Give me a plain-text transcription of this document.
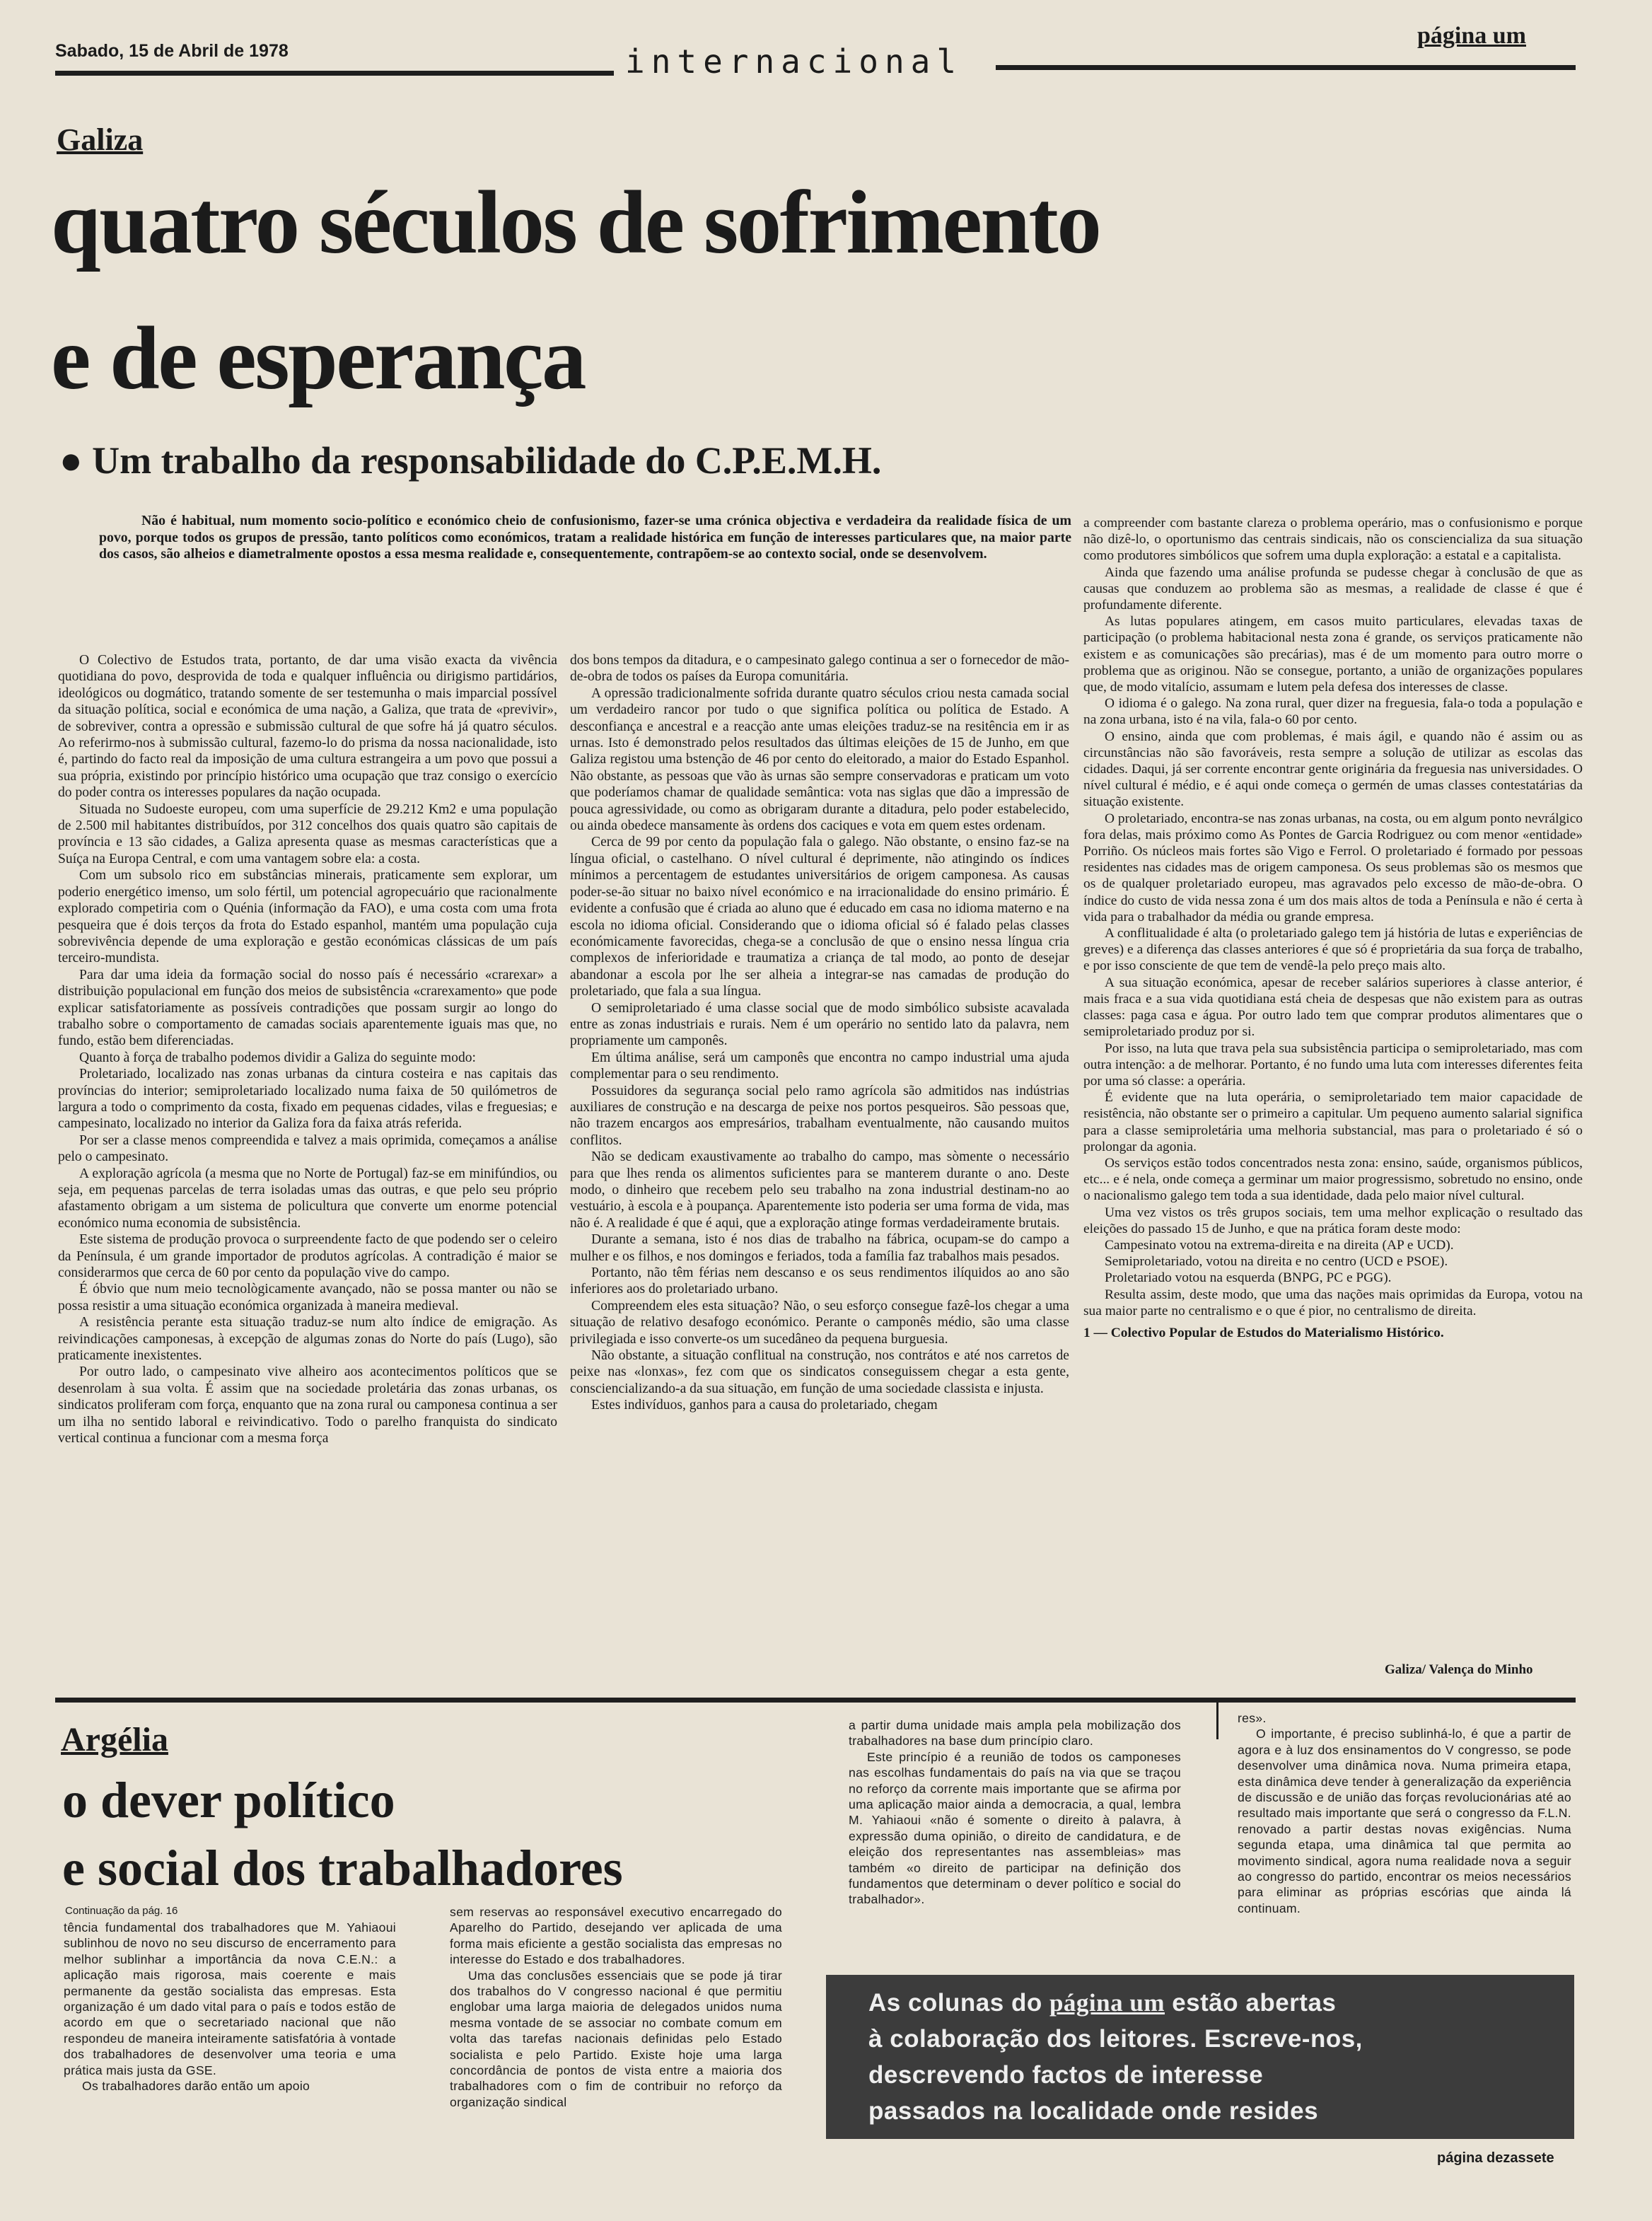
Sabado, 15 de Abril de 1978	internacional
página um
Galiza
quatro séculos de sofrimento
e de esperança
● Um trabalho da responsabilidade do C.P.E.M.H.
Não é habitual, num momento socio-político e económico cheio de confusionismo, fazer-se uma crónica objectiva e verdadeira da realidade física de um povo, porque todos os grupos de pressão, tanto políticos como económicos, tratam a realidade histórica em função de interesses particulares que, na maior parte dos casos, são alheios e diametralmente opostos a essa mesma realidade e, consequentemente, contrapõem-se ao contexto social, onde se desenvolvem.

O Colectivo de Estudos trata, portanto, de dar uma visão exacta da vivência quotidiana do povo, desprovida de toda e qualquer influência ou dirigismo partidários, ideológicos ou dogmático, tratando somente de ser testemunha o mais imparcial possível da situação política, social e económica de uma nação, a Galiza, que trata de «previvir», de sobreviver, contra a opressão e submissão cultural de que sofre há já quatro séculos. Ao referirmo-nos à submissão cultural, fazemo-lo do prisma da nossa nacionalidade, isto é, partindo do facto real da imposição de uma cultura estrangeira a um povo que possui a sua própria, existindo por princípio histórico uma ocupação que traz consigo o exercício do poder contra os interesses populares da nação ocupada.

Situada no Sudoeste europeu, com uma superfície de 29.212 Km2 e uma população de 2.500 mil habitantes distribuídos, por 312 concelhos dos quais quatro são capitais de província e 13 são cidades, a Galiza apresenta quase as mesmas características que a Suíça na Europa Central, e com uma vantagem sobre ela: a costa.

Com um subsolo rico em substâncias minerais, praticamente sem explorar, um poderio energético imenso, um solo fértil, um potencial agropecuário que racionalmente explorado competiria com o Quénia (informação da FAO), e uma costa com uma frota pesqueira que é dois terços da frota do Estado espanhol, mantém uma população cuja sobrevivência depende de uma exploração e gestão económicas clássicas de um país terceiro-mundista.

Para dar uma ideia da formação social do nosso país é necessário «crarexar» a distribuição populacional em função dos meios de subsistência «crarexamento» que pode explicar satisfatoriamente as possíveis contradições que possam surgir ao longo do trabalho sobre o comportamento de camadas sociais aparentemente iguais mas que, no fundo, estão bem diferenciadas.

Quanto à força de trabalho podemos dividir a Galiza do seguinte modo:

Proletariado, localizado nas zonas urbanas da cintura costeira e nas capitais das províncias do interior; semiproletariado localizado numa faixa de 50 quilómetros de largura a todo o comprimento da costa, fixado em pequenas cidades, vilas e freguesias; e campesinato, localizado no interior da Galiza fora da faixa atrás referida.

Por ser a classe menos compreendida e talvez a mais oprimida, começamos a análise pelo o campesinato.

A exploração agrícola (a mesma que no Norte de Portugal) faz-se em minifúndios, ou seja, em pequenas parcelas de terra isoladas umas das outras, e que pelo seu próprio afastamento obrigam a um sistema de policultura que converte um enorme potencial económico numa economia de subsistência.

Este sistema de produção provoca o surpreendente facto de que podendo ser o celeiro da Península, é um grande importador de produtos agrícolas. A contradição é maior se considerarmos que cerca de 60 por cento da população vive do campo.

É óbvio que num meio tecnològicamente avançado, não se possa manter ou não se possa resistir a uma situação económica organizada à maneira medieval.

A resistência perante esta situação traduz-se num alto índice de emigração. As reivindicações camponesas, à excepção de algumas zonas do Norte do país (Lugo), são praticamente inexistentes.

Por outro lado, o campesinato vive alheiro aos acontecimentos políticos que se desenrolam à sua volta. É assim que na sociedade proletária das zonas urbanas, os sindicatos proliferam com força, enquanto que na zona rural ou camponesa continua a ser um ilha no sentido laboral e reivindicativo. Todo o parelho franquista do sindicato vertical continua a funcionar com a mesma força

dos bons tempos da ditadura, e o campesinato galego continua a ser o fornecedor de mão-de-obra de todos os países da Europa comunitária.

A opressão tradicionalmente sofrida durante quatro séculos criou nesta camada social um verdadeiro rancor por tudo o que significa política ou política de Estado. A desconfiança e ancestral e a reacção ante umas eleições traduz-se na resitência em ir as urnas. Isto é demonstrado pelos resultados das últimas eleições de 15 de Junho, em que Galiza registou uma bstenção de 46 por cento do eleitorado, a maior do Estado Espanhol. Não obstante, as pessoas que vão às urnas são sempre conservadoras e praticam um voto que poderíamos chamar de qualidade semântica: vota nas siglas que dão a impressão de pouca agressividade, ou como as obrigaram durante a ditadura, pelo poder estabelecido, ou ainda obedece mansamente às ordens dos caciques e vota em quem estes ordenam.

Cerca de 99 por cento da população fala o galego. Não obstante, o ensino faz-se na língua oficial, o castelhano. O nível cultural é deprimente, não atingindo os índices mínimos a percentagem de estudantes universitários de origem camponesa. As causas poder-se-ão situar no baixo nível económico e na irracionalidade do ensino primário. É evidente a confusão que é criada ao aluno que é educado em casa no idioma materno e na escola no idioma oficial. Considerando que o idioma oficial só é falado pelas classes económicamente favorecidas, chega-se a conclusão de que o ensino nessa língua cria complexos de inferioridade e traumatiza a criança de tal modo, ao ponto de desejar abandonar a escola por lhe ser alheia a integrar-se nas camadas de produção do proletariado, que fala a sua língua.

O semiproletariado é uma classe social que de modo simbólico subsiste acavalada entre as zonas industriais e rurais. Nem é um operário no sentido lato da palavra, nem propriamente um camponês.

Em última análise, será um camponês que encontra no campo industrial uma ajuda complementar para o seu rendimento.

Possuidores da segurança social pelo ramo agrícola são admitidos nas indústrias auxiliares de construção e na descarga de peixe nos portos pesqueiros. São pessoas que, não trazem encargos aos empresários, trabalham eventualmente, não causando muitos conflitos.

Não se dedicam exaustivamente ao trabalho do campo, mas sòmente o necessário para que lhes renda os alimentos suficientes para se manterem durante o ano. Deste modo, o dinheiro que recebem pelo seu trabalho na zona industrial destinam-no ao vestuário, à escola e à poupança. Aparentemente isto poderia ser uma forma de vida, mas não é. A realidade é que é aqui, que a exploração atinge formas verdadeiramente brutais.

Durante a semana, isto é nos dias de trabalho na fábrica, ocupam-se do campo a mulher e os filhos, e nos domingos e feriados, toda a família faz trabalhos mais pesados.

Portanto, não têm férias nem descanso e os seus rendimentos ilíquidos ao ano são inferiores aos do proletariado urbano.

Compreendem eles esta situação? Não, o seu esforço consegue fazê-los chegar a uma situação de relativo desafogo económico. Perante o camponês médio, são uma classe privilegiada e isso converte-os um sucedâneo da pequena burguesia.

Não obstante, a situação conflitual na construção, nos contrátos e até nos carretos de peixe nas «lonxas», fez com que os sindicatos conseguissem chegar a esta gente, consciencializando-a da sua situação, em função de uma sociedade classista e injusta.

Estes indivíduos, ganhos para a causa do proletariado, chegam

a compreender com bastante clareza o problema operário, mas o confusionismo e porque não dizê-lo, o oportunismo das centrais sindicais, não os consciencializa da sua situação como produtores simbólicos que sofrem uma dupla exploração: a estatal e a capitalista.

Ainda que fazendo uma análise profunda se pudesse chegar à conclusão de que as causas que conduzem ao problema são as mesmas, a realidade de classe é que é profundamente diferente.

As lutas populares atingem, em casos muito particulares, elevadas taxas de participação (o problema habitacional nesta zona é grande, os serviços praticamente não existem e as comunicações são precárias), mas é de um momento para outro morre o problema que as originou. Não se consegue, portanto, a união de organizações populares que, de modo vitalício, assumam e lutem pela defesa dos interesses de classe.

O idioma é o galego. Na zona rural, quer dizer na freguesia, fala-o toda a população e na zona urbana, isto é na vila, fala-o 60 por cento.

O ensino, ainda que com problemas, é mais ágil, e quando não é assim ou as circunstâncias não são favoráveis, resta sempre a solução de utilizar as escolas das cidades. Daqui, já ser corrente encontrar gente originária da freguesia nas universidades. O nível cultural é médio, e é aqui onde começa o germén de umas classes contestatárias da situação existente.

O proletariado, encontra-se nas zonas urbanas, na costa, ou em algum ponto nevrálgico fora delas, mais próximo como As Pontes de Garcia Rodriguez ou com menor «entidade» Porriño. Os núcleos mais fortes são Vigo e Ferrol. O proletariado é formado por pessoas residentes nas cidades mas de origem camponesa. Os seus problemas são os mesmos que os de qualquer proletariado europeu, mas agravados pelo excesso de mão-de-obra. O índice do custo de vida nessa zona é um dos mais altos de toda a Península e não é certa à vida para o trabalhador da média ou grande empresa.

A conflitualidade é alta (o proletariado galego tem já história de lutas e experiências de greves) e a diferença das classes anteriores é que só é proprietária da sua força de trabalho, e por isso consciente de que tem de vendê-la pelo preço mais alto.

A sua situação económica, apesar de receber salários superiores à classe anterior, é mais fraca e a sua vida quotidiana está cheia de despesas que não existem para as outras classes: paga casa e água. Por outro lado tem que comprar produtos alimentares que o semiproletariado produz por si.

Por isso, na luta que trava pela sua subsistência participa o semiproletariado, mas com outra intenção: a de melhorar. Portanto, é no fundo uma luta com interesses diferentes feita por uma só classe: a operária.

É evidente que na luta operária, o semiproletariado tem maior capacidade de resistência, não obstante ser o primeiro a capitular. Um pequeno aumento salarial significa para a classe semiproletária uma melhoria substancial, mas para o proletariado é só o prolongar da agonia.

Os serviços estão todos concentrados nesta zona: ensino, saúde, organismos públicos, etc... e é nela, onde começa a germinar um maior progressismo, sobretudo no ensino, onde o nacionalismo galego tem toda a sua identidade, dada pelo maior nível cultural.

Uma vez vistos os três grupos sociais, tem uma melhor explicação o resultado das eleições do passado 15 de Junho, e que na prática foram deste modo:

Campesinato votou na extrema-direita e na direita (AP e UCD).

Semiproletariado, votou na direita e no centro (UCD e PSOE).

Proletariado votou na esquerda (BNPG, PC e PGG).

Resulta assim, deste modo, que uma das nações mais oprimidas da Europa, votou na sua maior parte no centralismo e o que é pior, no centralismo de direita.

1 — Colectivo Popular de Estudos do Materialismo Histórico.

Galiza/ Valença do Minho
Argélia
o dever político
e social dos trabalhadores
Continuação da pág. 16

tência fundamental dos trabalhadores que M. Yahiaoui sublinhou de novo no seu discurso de encerramento para melhor sublinhar a importância da nova C.E.N.: a aplicação mais rigorosa, mais coerente e mais permanente da gestão socialista das empresas. Esta organização é um dado vital para o país e todos estão de acordo em que o secretariado nacional que não respondeu de maneira inteiramente satisfatória à vontade dos trabalhadores de desenvolver uma teoria e uma prática mais justa da GSE.

Os trabalhadores darão então um apoio

sem reservas ao responsável executivo encarregado do Aparelho do Partido, desejando ver aplicada de uma forma mais eficiente a gestão socialista das empresas no interesse do Estado e dos trabalhadores.

Uma das conclusões essenciais que se pode já tirar dos trabalhos do V congresso nacional é que permitiu englobar uma larga maioria de delegados unidos numa mesma vontade de se associar no combate comum em volta das tarefas nacionais definidas pelo Estado socialista e pelo Partido. Existe hoje uma larga concordância de pontos de vista entre a maioria dos trabalhadores com o fim de contribuir no reforço da organização sindical

a partir duma unidade mais ampla pela mobilização dos trabalhadores na base dum princípio claro.

Este princípio é a reunião de todos os camponeses nas escolhas fundamentais do país na via que se traçou no reforço da corrente mais importante que se afirma por uma aplicação maior ainda a democracia, a qual, lembra M. Yahiaoui «não é somente o direito à palavra, à expressão duma opinião, o direito de candidatura, e de eleição dos representantes nas assembleias» mas também «o direito de participar na definição dos fundamentos que determinam o dever político e social do trabalhador».

res».

O importante, é preciso sublinhá-lo, é que a partir de agora e à luz dos ensinamentos do V congresso, se pode desenvolver uma dinâmica nova. Numa primeira etapa, esta dinâmica deve tender à generalização da experiência de discussão e de união das forças revolucionárias até ao resultado mais importante que será o congresso da F.L.N. renovado a partir destas novas exigências. Numa segunda etapa, uma dinâmica tal que permita ao movimento sindical, agora numa realidade nova a seguir ao congresso do partido, encontrar os meios necessários para eliminar as próprias escórias que ainda lá continuam.

As colunas do página um estão abertas
à colaboração dos leitores. Escreve-nos,
descrevendo factos de interesse
passados na localidade onde resides
página dezassete
